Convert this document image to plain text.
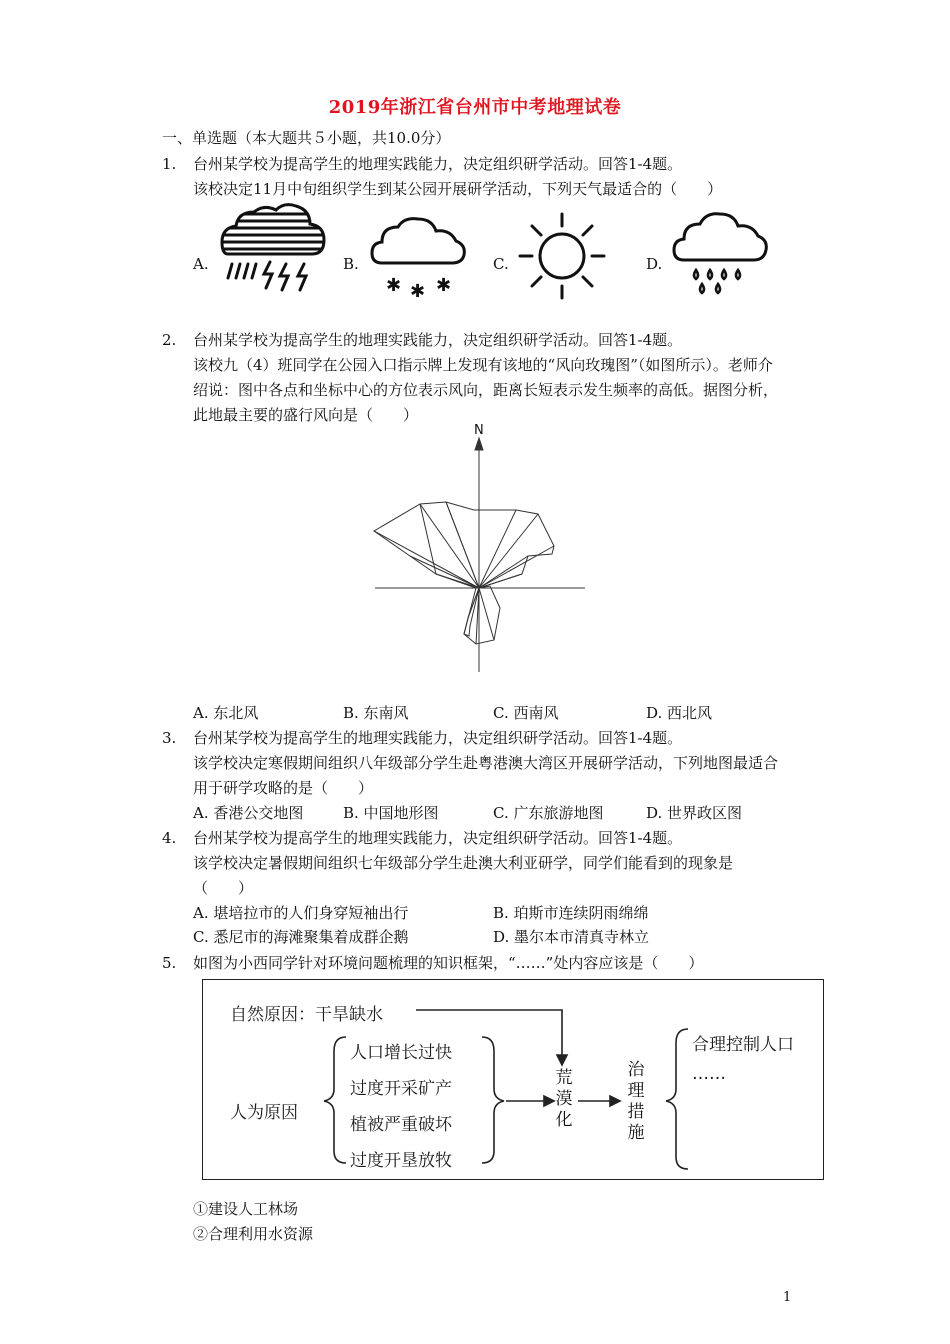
2019年浙江省台州市中考地理试卷
一、单选题（本大题共５小题，共10.0分）
1. 台州某学校为提高学生的地理实践能力，决定组织研学活动。回答1-4题。
该校决定11月中旬组织学生到某公园开展研学活动，下列天气最适合的（　　）
A.	B.	C.	D.
✱ ✱ ✱
2. 台州某学校为提高学生的地理实践能力，决定组织研学活动。回答1-4题。
该校九（4）班同学在公园入口指示牌上发现有该地的“风向玫瑰图”（如图所示）。老师介绍说：图中各点和坐标中心的方位表示风向，距离长短表示发生频率的高低。据图分析，此地最主要的盛行风向是（　　）
N
A. 东北风	B. 东南风	C. 西南风	D. 西北风
3. 台州某学校为提高学生的地理实践能力，决定组织研学活动。回答1-4题。
该学校决定寒假期间组织八年级部分学生赴粤港澳大湾区开展研学活动，下列地图最适合用于研学攻略的是（　　）
A. 香港公交地图	B. 中国地形图	C. 广东旅游地图	D. 世界政区图
4. 台州某学校为提高学生的地理实践能力，决定组织研学活动。回答1-4题。
该学校决定暑假期间组织七年级部分学生赴澳大利亚研学，同学们能看到的现象是（　　）
A. 堪培拉市的人们身穿短袖出行	B. 珀斯市连续阴雨绵绵
C. 悉尼市的海滩聚集着成群企鹅	D. 墨尔本市清真寺林立
5. 如图为小西同学针对环境问题梳理的知识框架，“……”处内容应该是（　　）
自然原因：干旱缺水
人为原因
人口增长过快
过度开采矿产
植被严重破坏
过度开垦放牧
荒漠化
治理措施
合理控制人口
……
①建设人工林场
②合理利用水资源
1
